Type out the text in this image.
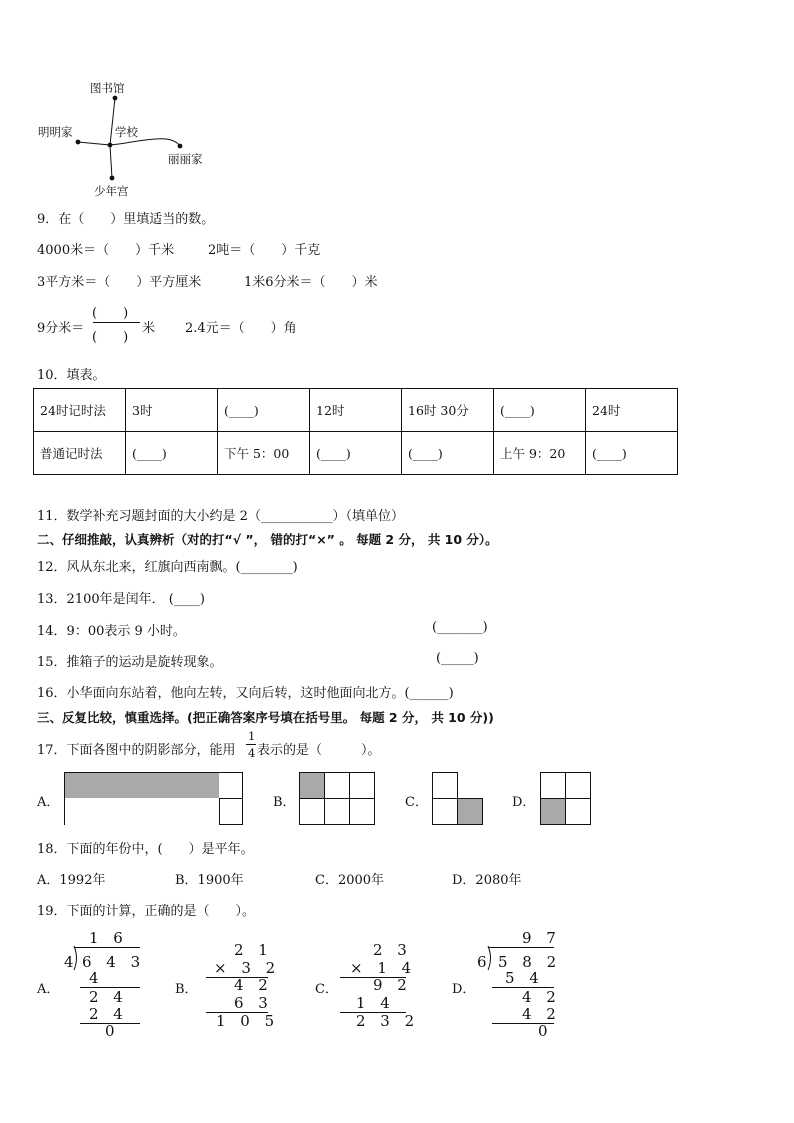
图书馆
明明家	学校
丽丽家
少年宫
9．在（　　）里填适当的数。
4000米＝（　　）千米	2吨＝（　　）千克
3平方米＝（　　）平方厘米	1米6分米＝（　　）米
9分米＝
(　　)
(　　)
米 2.4元＝（　　）角
10．填表。
24时记时法	3时	(____)	12时	16时 30分	(____)	24时
普通记时法	(____)	下午 5：00	(____)	(____)	上午 9：20	(____)
11．数学补充习题封面的大小约是 2（___________）（填单位）
二、仔细推敲，认真辨析（对的打“√ ”， 错的打“×” 。 每题 2 分， 共 10 分）。
12．风从东北来，红旗向西南飘。(________)
13．2100年是闰年． (____)
14．9：00表示 9 小时。	(_______)
15．推箱子的运动是旋转现象。	(_____)
16．小华面向东站着，他向左转，又向后转，这时他面向北方。(______)
三、反复比较，慎重选择。(把正确答案序号填在括号里。 每题 2 分， 共 10 分))
17．下面各图中的阴影部分，能用
1
4 表示的是（　　　）。
A．	B．	C．	D．
18．下面的年份中，(　　）是平年。
A．1992年	B．1900年	C．2000年	D．2080年
19．下面的计算，正确的是（　　）。
A．
1 6
4 6 4 3
4
2 4
2 4
0
B．
2 1
× 3 2
4 2
6 3
1 0 5
C．
2 3
× 1 4
9 2
1 4
2 3 2
D．
9 7
6 5 8 2
5 4
4 2
4 2
0
